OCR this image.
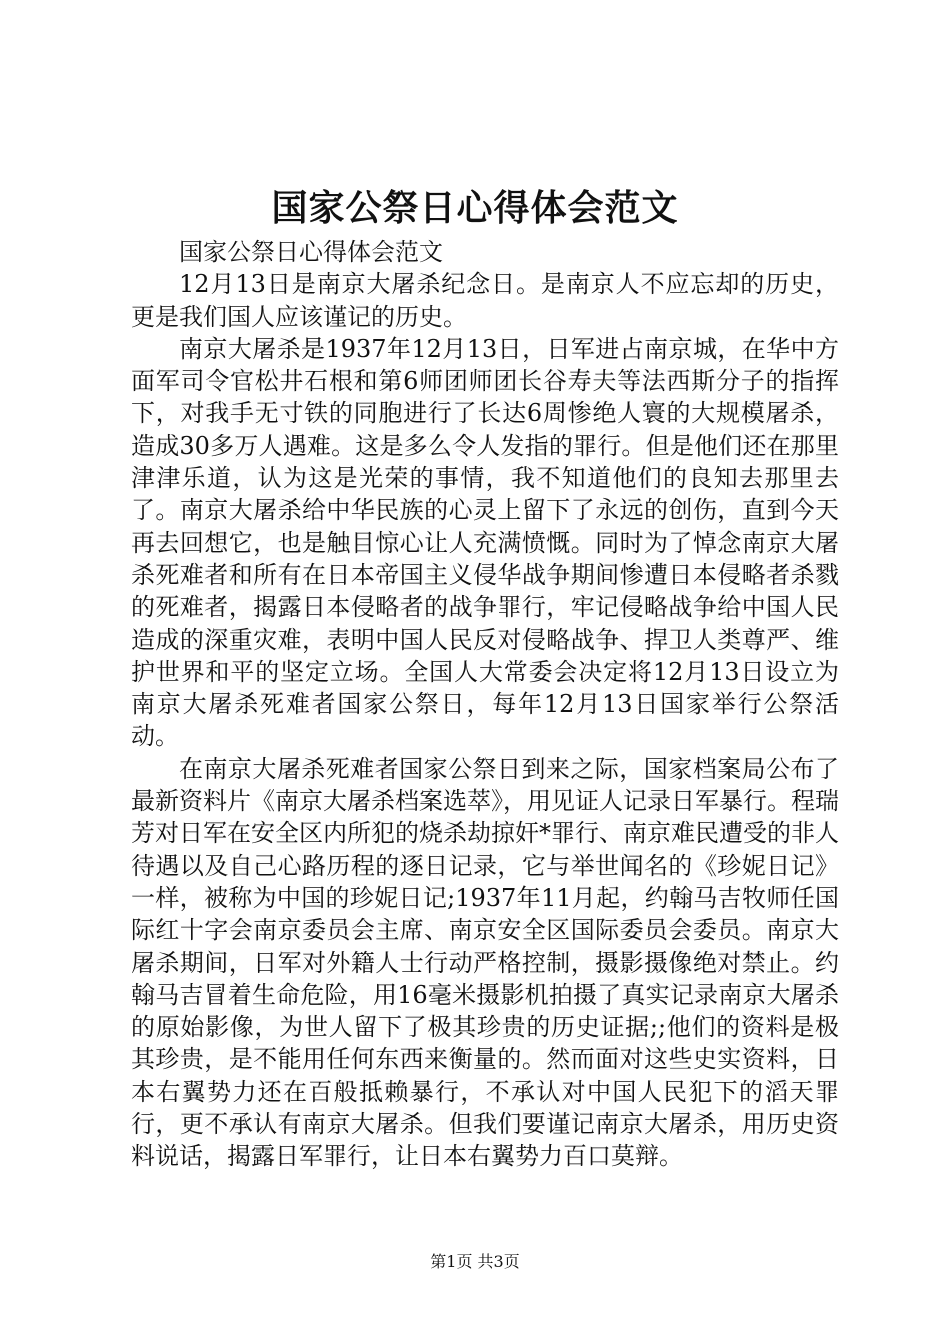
国家公祭日心得体会范文

国家公祭日心得体会范文

12月13日是南京大屠杀纪念日。是南京人不应忘却的历史，更是我们国人应该谨记的历史。

南京大屠杀是1937年12月13日，日军进占南京城，在华中方面军司令官松井石根和第6师团师团长谷寿夫等法西斯分子的指挥下，对我手无寸铁的同胞进行了长达6周惨绝人寰的大规模屠杀，造成30多万人遇难。这是多么令人发指的罪行。但是他们还在那里津津乐道，认为这是光荣的事情，我不知道他们的良知去那里去了。南京大屠杀给中华民族的心灵上留下了永远的创伤，直到今天再去回想它，也是触目惊心让人充满愤慨。同时为了悼念南京大屠杀死难者和所有在日本帝国主义侵华战争期间惨遭日本侵略者杀戮的死难者，揭露日本侵略者的战争罪行，牢记侵略战争给中国人民造成的深重灾难，表明中国人民反对侵略战争、捍卫人类尊严、维护世界和平的坚定立场。全国人大常委会决定将12月13日设立为南京大屠杀死难者国家公祭日，每年12月13日国家举行公祭活动。

在南京大屠杀死难者国家公祭日到来之际，国家档案局公布了最新资料片《南京大屠杀档案选萃》，用见证人记录日军暴行。程瑞芳对日军在安全区内所犯的烧杀劫掠奸*罪行、南京难民遭受的非人待遇以及自己心路历程的逐日记录，它与举世闻名的《珍妮日记》一样，被称为中国的珍妮日记;1937年11月起，约翰马吉牧师任国际红十字会南京委员会主席、南京安全区国际委员会委员。南京大屠杀期间，日军对外籍人士行动严格控制，摄影摄像绝对禁止。约翰马吉冒着生命危险，用16毫米摄影机拍摄了真实记录南京大屠杀的原始影像，为世人留下了极其珍贵的历史证据;;他们的资料是极其珍贵，是不能用任何东西来衡量的。然而面对这些史实资料，日本右翼势力还在百般抵赖暴行，不承认对中国人民犯下的滔天罪行，更不承认有南京大屠杀。但我们要谨记南京大屠杀，用历史资料说话，揭露日军罪行，让日本右翼势力百口莫辩。

第1页 共3页
